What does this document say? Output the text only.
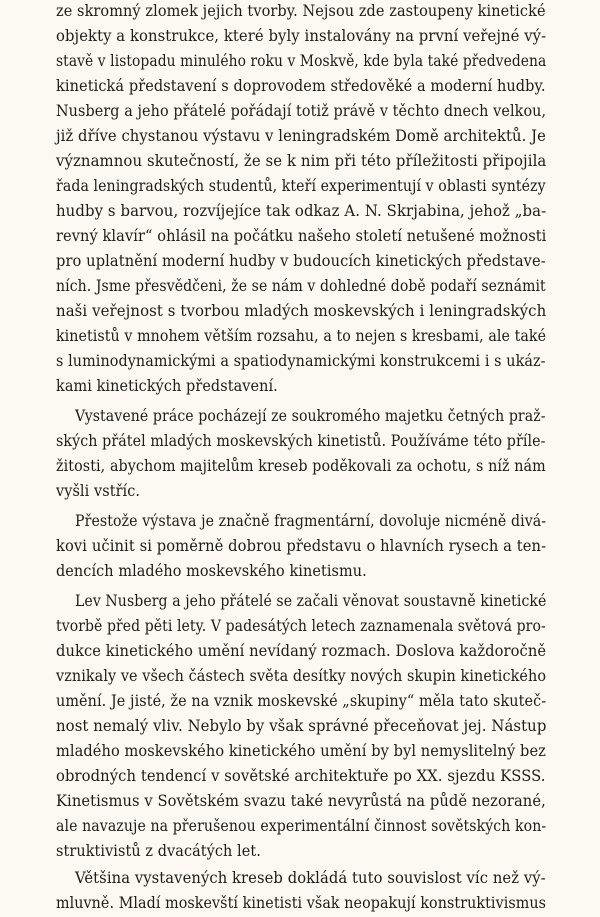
ze skromný zlomek jejich tvorby. Nejsou zde zastoupeny kinetické
objekty a konstrukce, které byly instalovány na první veřejné vý-
stavě v listopadu minulého roku v Moskvě, kde byla také předvedena
kinetická představení s doprovodem středověké a moderní hudby.
Nusberg a jeho přátelé pořádají totiž právě v těchto dnech velkou,
již dříve chystanou výstavu v leningradském Domě architektů. Je
významnou skutečností, že se k nim při této příležitosti připojila
řada leningradských studentů, kteří experimentují v oblasti syntézy
hudby s barvou, rozvíjejíce tak odkaz A. N. Skrjabina, jehož „ba-
revný klavír“ ohlásil na počátku našeho století netušené možnosti
pro uplatnění moderní hudby v budoucích kinetických představe-
ních. Jsme přesvědčeni, že se nám v dohledné době podaří seznámit
naši veřejnost s tvorbou mladých moskevských i leningradských
kinetistů v mnohem větším rozsahu, a to nejen s kresbami, ale také
s luminodynamickými a spatiodynamickými konstrukcemi i s ukáz-
kami kinetických představení.
Vystavené práce pocházejí ze soukromého majetku četných praž-
ských přátel mladých moskevských kinetistů. Používáme této příle-
žitosti, abychom majitelům kreseb poděkovali za ochotu, s níž nám
vyšli vstříc.
Přestože výstava je značně fragmentární, dovoluje nicméně divá-
kovi učinit si poměrně dobrou představu o hlavních rysech a ten-
dencích mladého moskevského kinetismu.
Lev Nusberg a jeho přátelé se začali věnovat soustavně kinetické
tvorbě před pěti lety. V padesátých letech zaznamenala světová pro-
dukce kinetického umění nevídaný rozmach. Doslova každoročně
vznikaly ve všech částech světa desítky nových skupin kinetického
umění. Je jisté, že na vznik moskevské „skupiny“ měla tato skuteč-
nost nemalý vliv. Nebylo by však správné přeceňovat jej. Nástup
mladého moskevského kinetického umění by byl nemyslitelný bez
obrodných tendencí v sovětské architektuře po XX. sjezdu KSSS.
Kinetismus v Sovětském svazu také nevyrůstá na půdě nezorané,
ale navazuje na přerušenou experimentální činnost sovětských kon-
struktivistů z dvacátých let.
Většina vystavených kreseb dokládá tuto souvislost víc než vý-
mluvně. Mladí moskevští kinetisti však neopakují konstruktivismus
